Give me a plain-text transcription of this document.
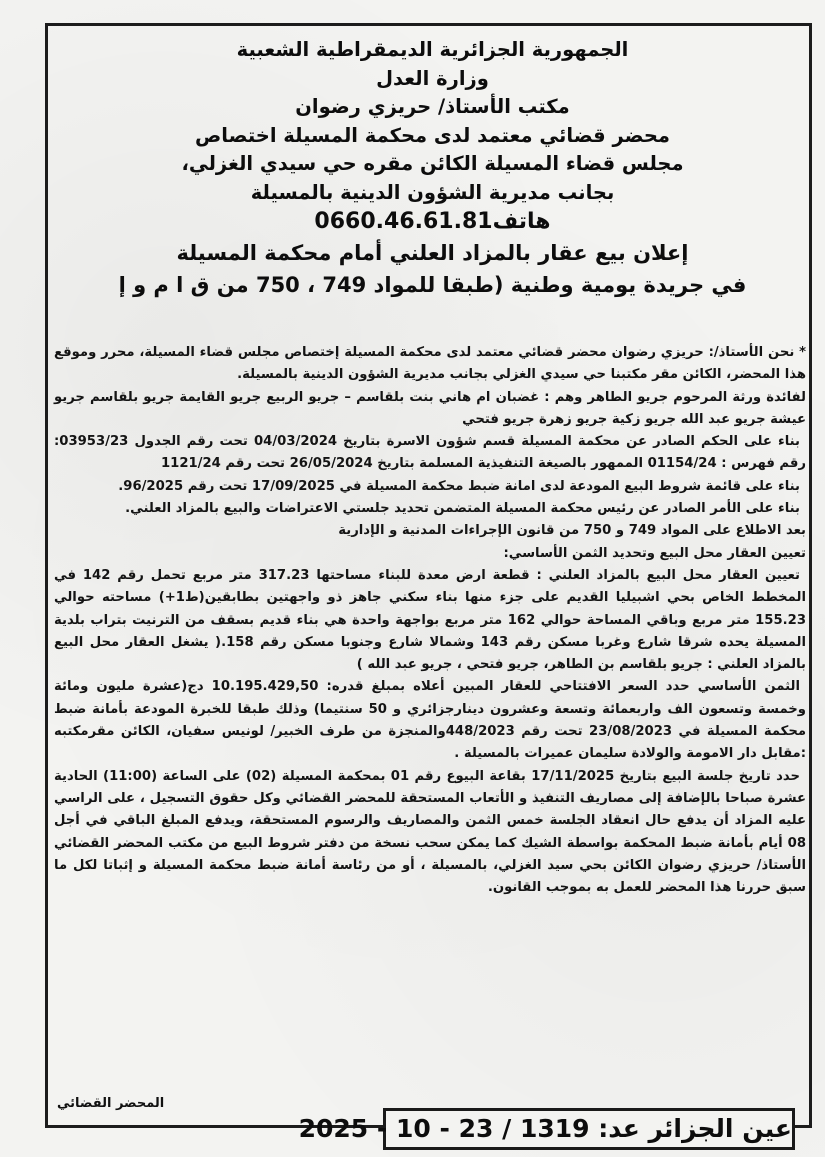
الجمهورية الجزائرية الديمقراطية الشعبية
وزارة العدل
مكتب الأستاذ/ حريزي رضوان
محضر قضائي معتمد لدى محكمة المسيلة اختصاص
مجلس قضاء المسيلة الكائن مقره حي سيدي الغزلي،
بجانب مديرية الشؤون الدينية بالمسيلة
هاتف0660.46.61.81
إعلان بيع عقار بالمزاد العلني أمام محكمة المسيلة
في جريدة يومية وطنية (طبقا للمواد 749 ، 750 من ق ا م و إ

* نحن الأستاذ/: حريزي رضوان محضر قضائي معتمد لدى محكمة المسيلة إختصاص مجلس قضاء المسيلة، محرر وموقع هذا المحضر، الكائن مقر مكتبنا حي سيدي الغزلي بجانب مديرية الشؤون الدينية بالمسيلة.

لفائدة ورثة المرحوم جريو الطاهر وهم : غضبان ام هاني بنت بلقاسم – جريو الربيع جريو القايمة جريو بلقاسم جريو عيشة جريو عبد الله جريو زكية جريو زهرة جريو فتحي

بناء على الحكم الصادر عن محكمة المسيلة قسم شؤون الاسرة بتاريخ 04/03/2024 تحت رقم الجدول 03953/23: رقم فهرس : 01154/24 الممهور بالصيغة التنفيذية المسلمة بتاريخ 26/05/2024 تحت رقم 1121/24

بناء على قائمة شروط البيع المودعة لدى امانة ضبط محكمة المسيلة في 17/09/2025 تحت رقم 96/2025.

بناء على الأمر الصادر عن رئيس محكمة المسيلة المتضمن تحديد جلستي الاعتراضات والبيع بالمزاد العلني.

بعد الاطلاع على المواد 749 و 750 من قانون الإجراءات المدنية و الإدارية

تعيين العقار محل البيع وتحديد الثمن الأساسي:

تعيين العقار محل البيع بالمزاد العلني : قطعة ارض معدة للبناء مساحتها 317.23 متر مربع تحمل رقم 142 في المخطط الخاص بحي اشبيليا القديم على جزء منها بناء سكني جاهز ذو واجهتين بطابقين(ط1+) مساحته حوالي 155.23 متر مربع وباقي المساحة حوالي 162 متر مربع بواجهة واحدة هي بناء قديم بسقف من الترنيت بتراب بلدية المسيلة يحده شرقا شارع وغربا مسكن رقم 143 وشمالا شارع وجنوبا مسكن رقم 158.( يشغل العقار محل البيع بالمزاد العلني : جريو بلقاسم بن الطاهر، جريو فتحي ، جريو عبد الله )

الثمن الأساسي حدد السعر الافتتاحي للعقار المبين أعلاه بمبلغ قدره: 10.195.429,50 دج(عشرة مليون ومائة وخمسة وتسعون الف واربعمائة وتسعة وعشرون دينارجزائري و 50 سنتيما) وذلك طبقا للخبرة المودعة بأمانة ضبط محكمة المسيلة في 23/08/2023 تحت رقم 448/2023والمنجزة من طرف الخبير/ لونيس سفيان، الكائن مقرمكتبه :مقابل دار الامومة والولادة سليمان عميرات بالمسيلة .

حدد تاريخ جلسة البيع بتاريخ 17/11/2025 بقاعة البيوع رقم 01 بمحكمة المسيلة (02) على الساعة (11:00) الحادية عشرة صباحا بالإضافة إلى مصاريف التنفيذ و الأتعاب المستحقة للمحضر القضائي وكل حقوق التسجيل ، على الراسي عليه المزاد أن يدفع حال انعقاد الجلسة خمس الثمن والمصاريف والرسوم المستحقة، ويدفع المبلغ الباقي في أجل 08 أيام بأمانة ضبط المحكمة بواسطة الشيك كما يمكن سحب نسخة من دفتر شروط البيع من مكتب المحضر القضائي الأستاذ/ حريزي رضوان الكائن بحي سيد الغزلي، بالمسيلة ، أو من رئاسة أمانة ضبط محكمة المسيلة و إثباتا لكل ما سبق حررنا هذا المحضر للعمل به بموجب القانون.

المحضر القضائي
عين الجزائر عد: 1319 / 23 - 10 - 2025
